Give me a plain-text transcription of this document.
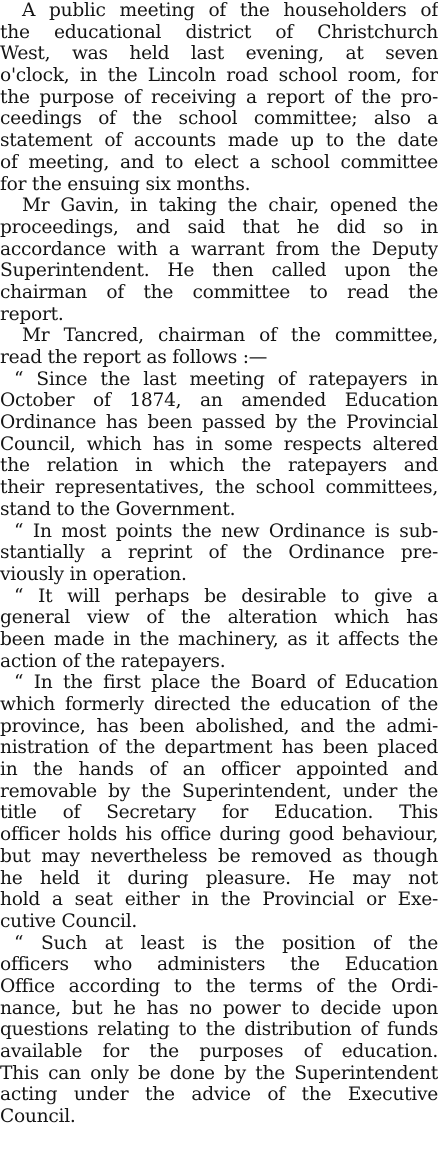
A public meeting of the householders of
the educational district of Christchurch
West, was held last evening, at seven
o'clock, in the Lincoln road school room, for
the purpose of receiving a report of the pro-
ceedings of the school committee; also a
statement of accounts made up to the date
of meeting, and to elect a school committee
for the ensuing six months.
Mr Gavin, in taking the chair, opened the
proceedings, and said that he did so in
accordance with a warrant from the Deputy
Superintendent. He then called upon the
chairman of the committee to read the
report.
Mr Tancred, chairman of the committee,
read the report as follows :—
“ Since the last meeting of ratepayers in
October of 1874, an amended Education
Ordinance has been passed by the Provincial
Council, which has in some respects altered
the relation in which the ratepayers and
their representatives, the school committees,
stand to the Government.
“ In most points the new Ordinance is sub-
stantially a reprint of the Ordinance pre-
viously in operation.
“ It will perhaps be desirable to give a
general view of the alteration which has
been made in the machinery, as it affects the
action of the ratepayers.
“ In the first place the Board of Education
which formerly directed the education of the
province, has been abolished, and the admi-
nistration of the department has been placed
in the hands of an officer appointed and
removable by the Superintendent, under the
title of Secretary for Education. This
officer holds his office during good behaviour,
but may nevertheless be removed as though
he held it during pleasure. He may not
hold a seat either in the Provincial or Exe-
cutive Council.
“ Such at least is the position of the
officers who administers the Education
Office according to the terms of the Ordi-
nance, but he has no power to decide upon
questions relating to the distribution of funds
available for the purposes of education.
This can only be done by the Superintendent
acting under the advice of the Executive
Council.
